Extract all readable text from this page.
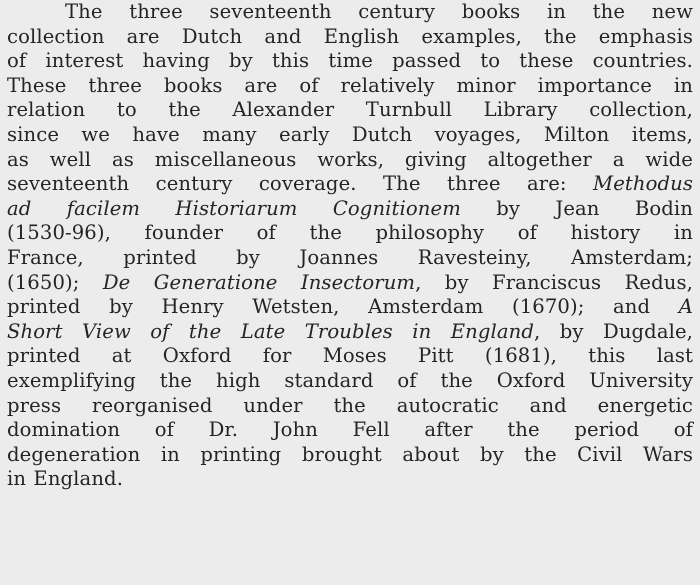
The three seventeenth century books in the new
collection are Dutch and English examples, the emphasis
of interest having by this time passed to these countries.
These three books are of relatively minor importance in
relation to the Alexander Turnbull Library collection,
since we have many early Dutch voyages, Milton items,
as well as miscellaneous works, giving altogether a wide
seventeenth century coverage. The three are: Methodus
ad facilem Historiarum Cognitionem by Jean Bodin
(1530-96), founder of the philosophy of history in
France, printed by Joannes Ravesteiny, Amsterdam;
(1650); De Generatione Insectorum, by Franciscus Redus,
printed by Henry Wetsten, Amsterdam (1670); and A
Short View of the Late Troubles in England, by Dugdale,
printed at Oxford for Moses Pitt (1681), this last
exemplifying the high standard of the Oxford University
press reorganised under the autocratic and energetic
domination of Dr. John Fell after the period of
degeneration in printing brought about by the Civil Wars
in England.
